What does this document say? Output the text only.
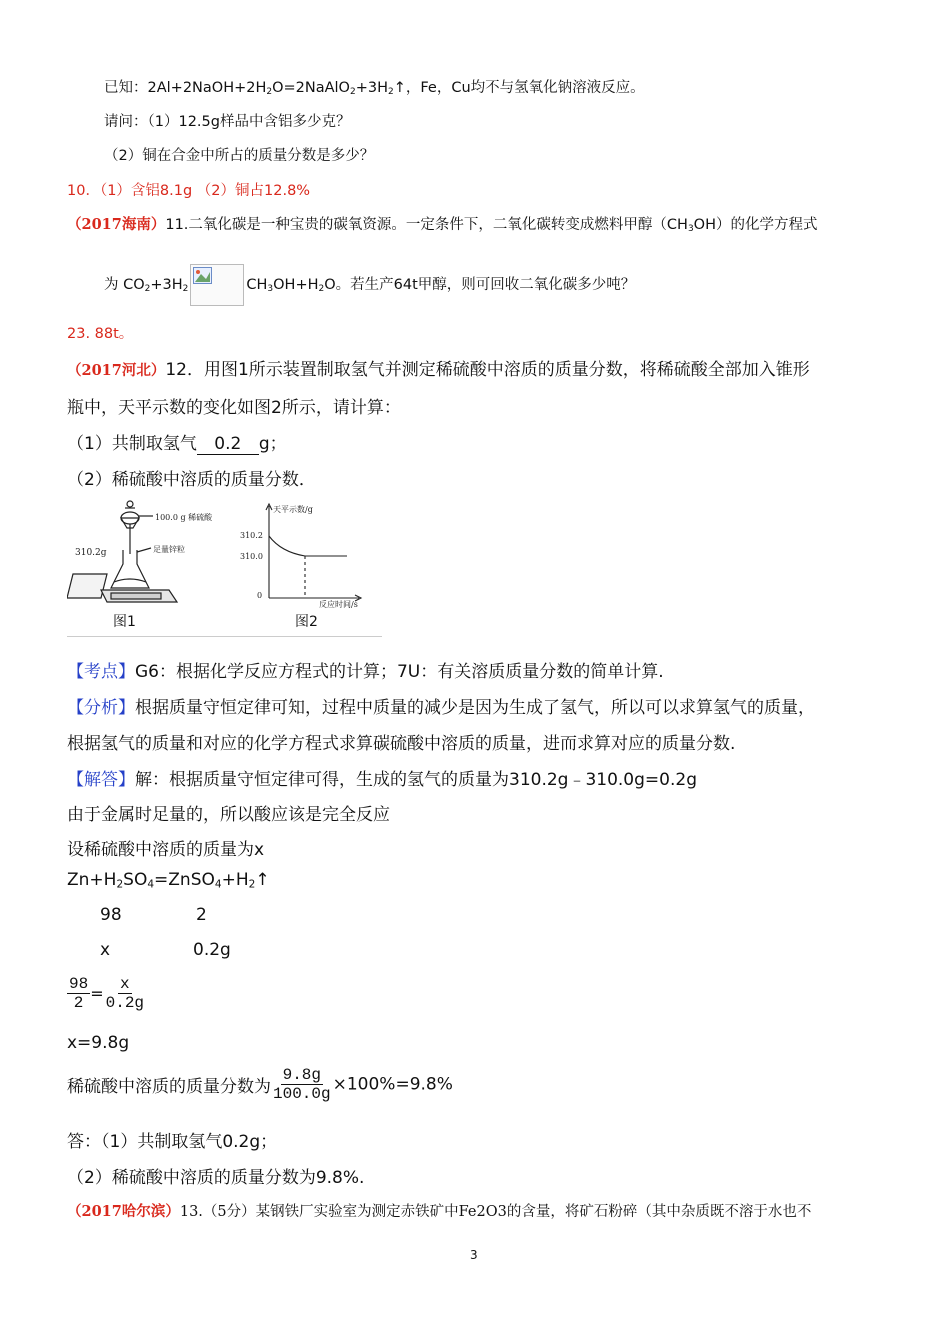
已知：$2Al+2NaOH+2H_2O=2NaAlO_2+3H_2↑$，Fe，Cu均不与氢氧化钠溶液反应。
请问：（1）12.5g样品中含铝多少克？
（2）铜在合金中所占的质量分数是多少？
10．（1）含铝8.1g （2）铜占12.8%
（2017海南）11.二氧化碳是一种宝贵的碳氧资源。一定条件下，二氧化碳转变成燃料甲醇$(CH_3OH)$的化学方程式
为 $CO_2+3H_2$	$CH_3OH+H_2O$。若生产64t甲醇，则可回收二氧化碳多少吨？
23. 88t。
（2017河北）12．用图1所示装置制取氢气并测定稀硫酸中溶质的质量分数，将稀硫酸全部加入锥形
瓶中，天平示数的变化如图2所示，请计算：
（1）共制取氢气 0.2 g；
（2）稀硫酸中溶质的质量分数．
100.0 g 稀硫酸
足量锌粒
310.2g
图1
天平示数/g
310.2
310.0
0
反应时间/s
图2
【考点】G6：根据化学反应方程式的计算；7U：有关溶质质量分数的简单计算.
【分析】根据质量守恒定律可知，过程中质量的减少是因为生成了氢气，所以可以求算氢气的质量，
根据氢气的质量和对应的化学方程式求算碳硫酸中溶质的质量，进而求算对应的质量分数.
【解答】解：根据质量守恒定律可得，生成的氢气的质量为310.2g﹣310.0g=0.2g
由于金属时足量的，所以酸应该是完全反应
设稀硫酸中溶质的质量为x
$Zn+H_2SO_4=ZnSO_4+H_2↑$
98	2
x	0.2g
$\frac{98}{2} = \frac{x}{0.2g}$
x=9.8g
稀硫酸中溶质的质量分数为 $\frac{9.8g}{100.0g} \times 100\%=9.8\%$
答：（1）共制取氢气0.2g；
（2）稀硫酸中溶质的质量分数为9.8%.
（2017哈尔滨）13.（5分）某钢铁厂实验室为测定赤铁矿中Fe2O3的含量，将矿石粉碎（其中杂质既不溶于水也不
3
